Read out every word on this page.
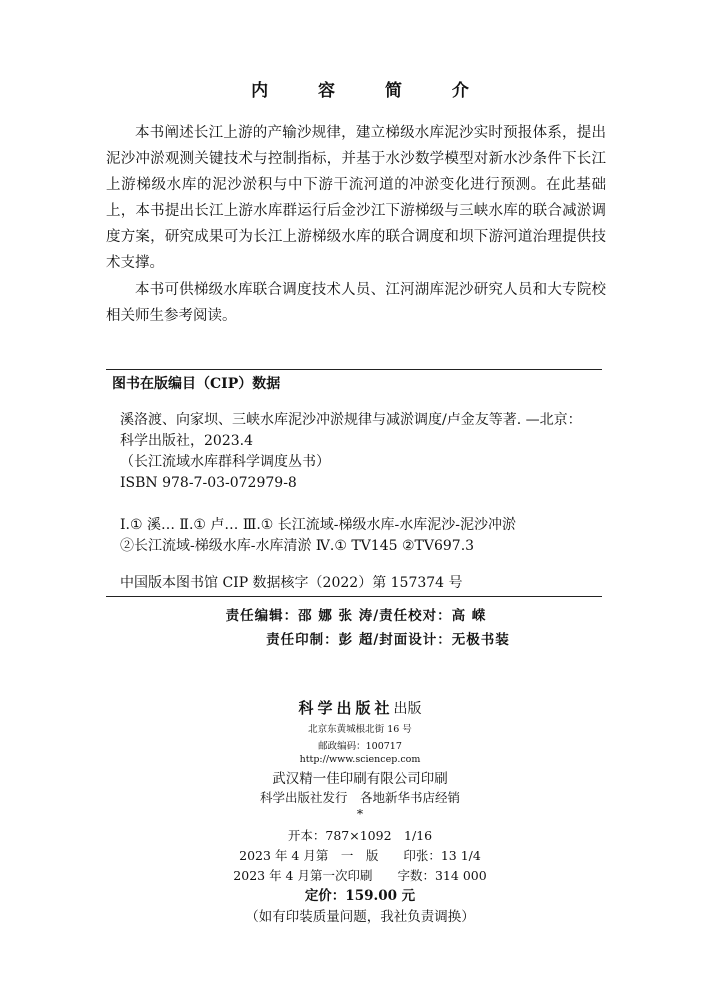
内 容 简 介

本书阐述长江上游的产输沙规律，建立梯级水库泥沙实时预报体系，提出泥沙冲淤观测关键技术与控制指标，并基于水沙数学模型对新水沙条件下长江上游梯级水库的泥沙淤积与中下游干流河道的冲淤变化进行预测。在此基础上，本书提出长江上游水库群运行后金沙江下游梯级与三峡水库的联合减淤调度方案，研究成果可为长江上游梯级水库的联合调度和坝下游河道治理提供技术支撑。

本书可供梯级水库联合调度技术人员、江河湖库泥沙研究人员和大专院校相关师生参考阅读。

图书在版编目（CIP）数据
溪洛渡、向家坝、三峡水库泥沙冲淤规律与减淤调度/卢金友等著. —北京：
科学出版社，2023.4
（长江流域水库群科学调度丛书）
ISBN 978-7-03-072979-8
Ⅰ.① 溪… Ⅱ.① 卢… Ⅲ.① 长江流域-梯级水库-水库泥沙-泥沙冲淤
②长江流域-梯级水库-水库清淤 Ⅳ.① TV145 ②TV697.3
中国版本图书馆 CIP 数据核字（2022）第 157374 号
责任编辑：邵 娜 张 涛/责任校对：高 嵘
责任印制：彭 超/封面设计：无极书装
科学出版社出版
北京东黄城根北街 16 号
邮政编码：100717
http://www.sciencep.com
武汉精一佳印刷有限公司印刷
科学出版社发行　各地新华书店经销
*
开本：787×1092　1/16
2023 年 4 月第　一　版　　印张：13 1/4
2023 年 4 月第一次印刷　　字数：314 000
定价：159.00 元
（如有印装质量问题，我社负责调换）
